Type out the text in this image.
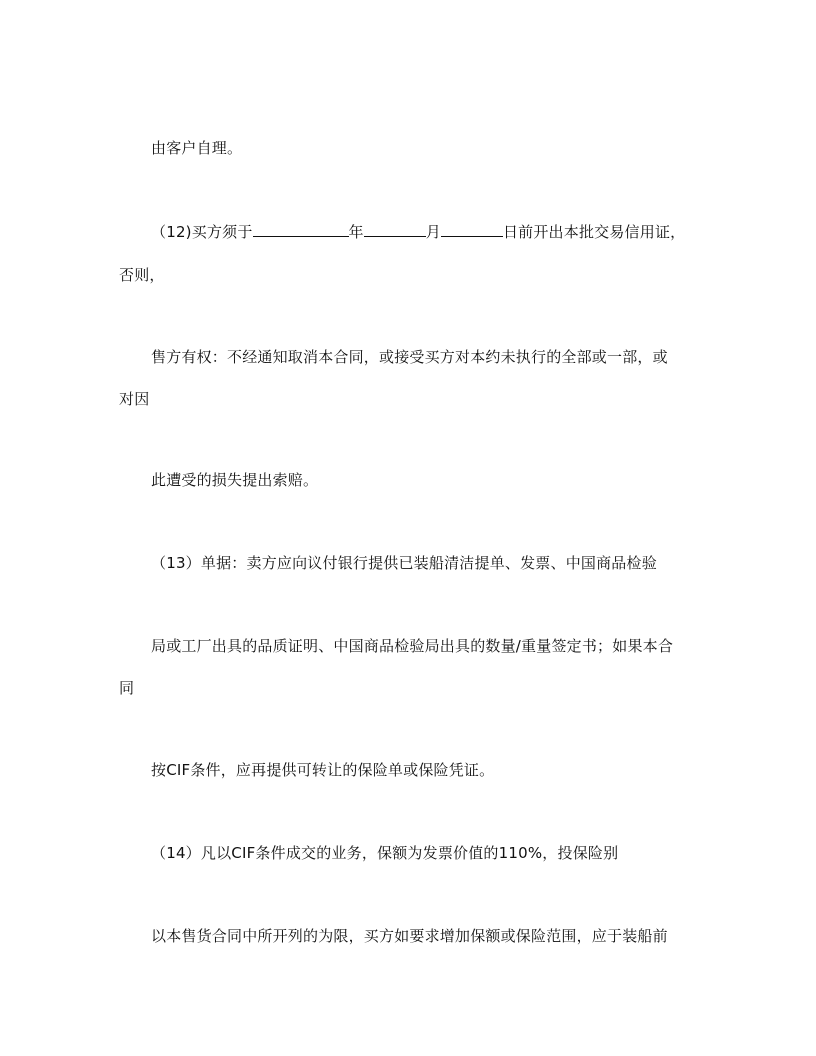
由客户自理。
（12)买方须于	年	月	日前开出本批交易信用证，
否则，
售方有权：不经通知取消本合同，或接受买方对本约未执行的全部或一部，或
对因
此遭受的损失提出索赔。
（13）单据：卖方应向议付银行提供已装船清洁提单、发票、中国商品检验
局或工厂出具的品质证明、中国商品检验局出具的数量/重量签定书；如果本合
同
按CIF条件，应再提供可转让的保险单或保险凭证。
（14）凡以CIF条件成交的业务，保额为发票价值的110%，投保险别
以本售货合同中所开列的为限，买方如要求增加保额或保险范围，应于装船前
